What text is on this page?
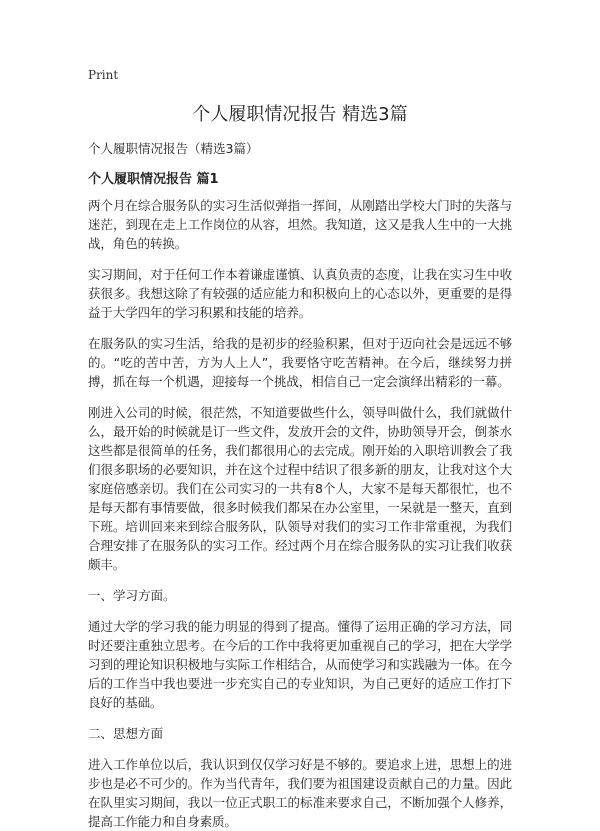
Print
个人履职情况报告 精选3篇
个人履职情况报告（精选3篇）
个人履职情况报告 篇1

两个月在综合服务队的实习生活似弹指一挥间，从刚踏出学校大门时的失落与迷茫，到现在走上工作岗位的从容，坦然。我知道，这又是我人生中的一大挑战，角色的转换。

实习期间，对于任何工作本着谦虚谨慎、认真负责的态度，让我在实习生中收获很多。我想这除了有较强的适应能力和积极向上的心态以外，更重要的是得益于大学四年的学习积累和技能的培养。

在服务队的实习生活，给我的是初步的经验积累，但对于迈向社会是远远不够的。“吃的苦中苦，方为人上人”，我要恪守吃苦精神。在今后，继续努力拼搏，抓在每一个机遇，迎接每一个挑战，相信自己一定会演绎出精彩的一幕。

刚进入公司的时候，很茫然，不知道要做些什么，领导叫做什么，我们就做什么，最开始的时候就是订一些文件，发放开会的文件，协助领导开会，倒茶水这些都是很简单的任务，我们都很用心的去完成。刚开始的入职培训教会了我们很多职场的必要知识，并在这个过程中结识了很多新的朋友，让我对这个大家庭倍感亲切。我们在公司实习的一共有8个人，大家不是每天都很忙，也不是每天都有事情要做，很多时候我们都呆在办公室里，一呆就是一整天，直到下班。培训回来来到综合服务队，队领导对我们的实习工作非常重视，为我们合理安排了在服务队的实习工作。经过两个月在综合服务队的实习让我们收获颇丰。

一、学习方面。

通过大学的学习我的能力明显的得到了提高。懂得了运用正确的学习方法，同时还要注重独立思考。在今后的工作中我将更加重视自己的学习，把在大学学习到的理论知识积极地与实际工作相结合，从而使学习和实践融为一体。在今后的工作当中我也要进一步充实自己的专业知识，为自己更好的适应工作打下良好的基础。

二、思想方面

进入工作单位以后，我认识到仅仅学习好是不够的。要追求上进，思想上的进步也是必不可少的。作为当代青年，我们要为祖国建设贡献自己的力量。因此在队里实习期间，我以一位正式职工的标准来要求自己，不断加强个人修养，提高工作能力和自身素质。
